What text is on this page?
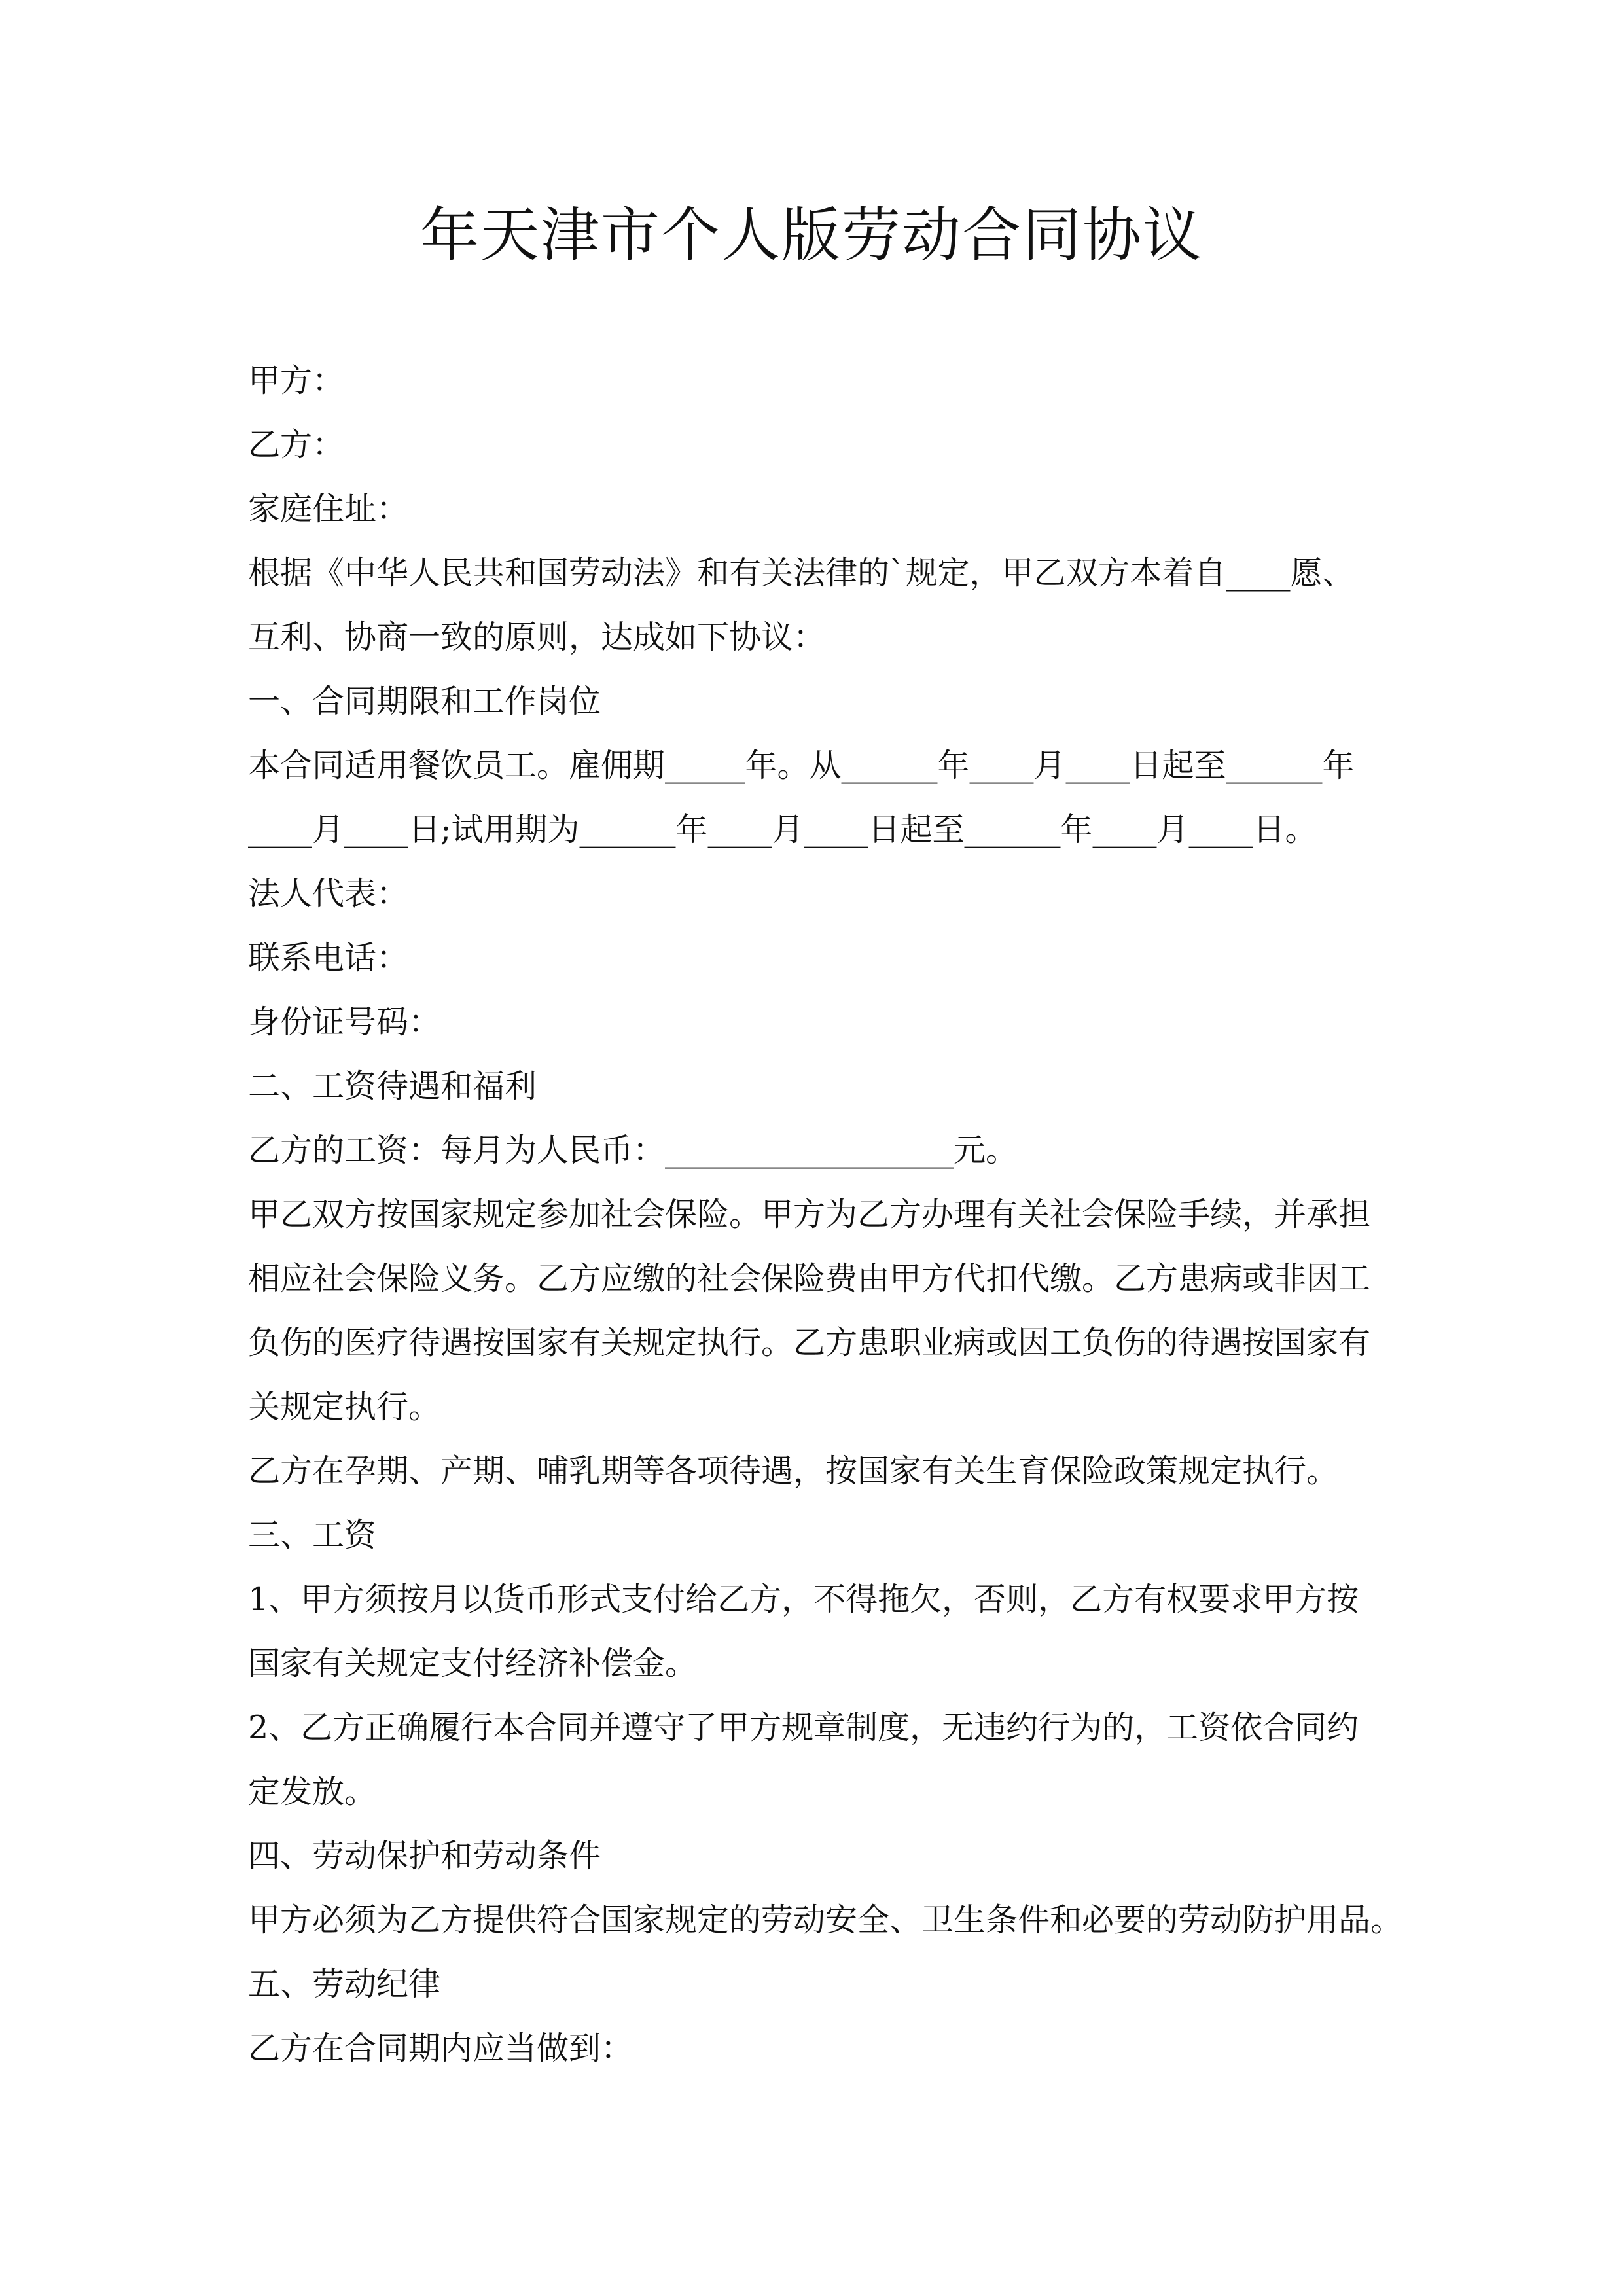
年天津市个人版劳动合同协议
甲方：
乙方：
家庭住址：
根据《中华人民共和国劳动法》和有关法律的`规定，甲乙双方本着自____愿、
互利、协商一致的原则，达成如下协议：
一、合同期限和工作岗位
本合同适用餐饮员工。雇佣期_____年。从______年____月____日起至______年
____月____日;试用期为______年____月____日起至______年____月____日。
法人代表：
联系电话：
身份证号码：
二、工资待遇和福利
乙方的工资：每月为人民币：__________________元。
甲乙双方按国家规定参加社会保险。甲方为乙方办理有关社会保险手续，并承担
相应社会保险义务。乙方应缴的社会保险费由甲方代扣代缴。乙方患病或非因工
负伤的医疗待遇按国家有关规定执行。乙方患职业病或因工负伤的待遇按国家有
关规定执行。
乙方在孕期、产期、哺乳期等各项待遇，按国家有关生育保险政策规定执行。
三、工资
1、甲方须按月以货币形式支付给乙方，不得拖欠，否则，乙方有权要求甲方按
国家有关规定支付经济补偿金。
2、乙方正确履行本合同并遵守了甲方规章制度，无违约行为的，工资依合同约
定发放。
四、劳动保护和劳动条件
甲方必须为乙方提供符合国家规定的劳动安全、卫生条件和必要的劳动防护用品。
五、劳动纪律
乙方在合同期内应当做到：
